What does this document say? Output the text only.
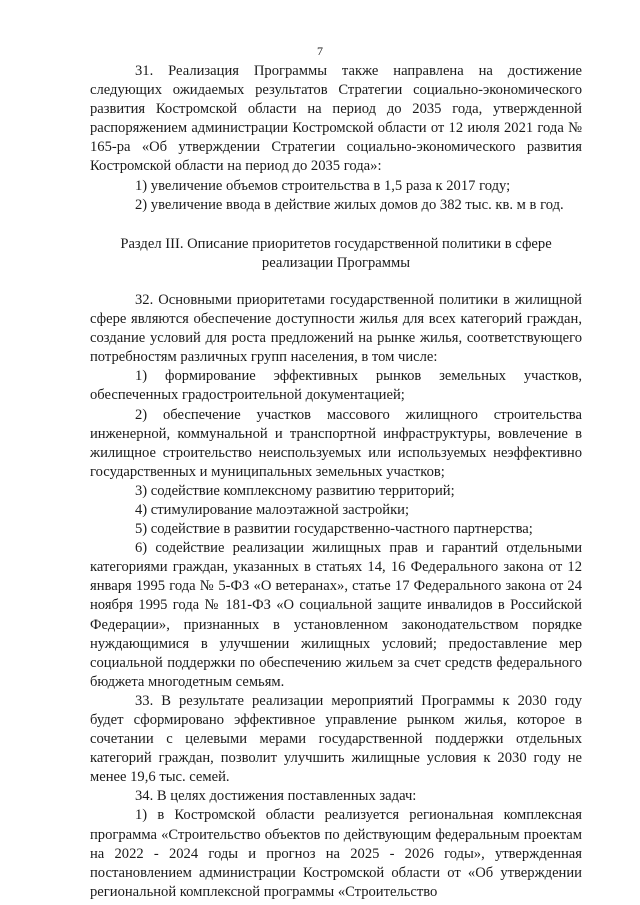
7

31. Реализация Программы также направлена на достижение следующих ожидаемых результатов Стратегии социально-экономического развития Костромской области на период до 2035 года, утвержденной распоряжением администрации Костромской области от 12 июля 2021 года № 165-ра «Об утверждении Стратегии социально-экономического развития Костромской области на период до 2035 года»:

1) увеличение объемов строительства в 1,5 раза к 2017 году;

2) увеличение ввода в действие жилых домов до 382 тыс. кв. м в год.

Раздел III. Описание приоритетов государственной политики в сфере реализации Программы

32. Основными приоритетами государственной политики в жилищной сфере являются обеспечение доступности жилья для всех категорий граждан, создание условий для роста предложений на рынке жилья, соответствующего потребностям различных групп населения, в том числе:

1) формирование эффективных рынков земельных участков, обеспеченных градостроительной документацией;

2) обеспечение участков массового жилищного строительства инженерной, коммунальной и транспортной инфраструктуры, вовлечение в жилищное строительство неиспользуемых или используемых неэффективно государственных и муниципальных земельных участков;

3) содействие комплексному развитию территорий;

4) стимулирование малоэтажной застройки;

5) содействие в развитии государственно-частного партнерства;

6) содействие реализации жилищных прав и гарантий отдельными категориями граждан, указанных в статьях 14, 16 Федерального закона от 12 января 1995 года № 5-ФЗ «О ветеранах», статье 17 Федерального закона от 24 ноября 1995 года № 181-ФЗ «О социальной защите инвалидов в Российской Федерации», признанных в установленном законодательством порядке нуждающимися в улучшении жилищных условий; предоставление мер социальной поддержки по обеспечению жильем за счет средств федерального бюджета многодетным семьям.

33. В результате реализации мероприятий Программы к 2030 году будет сформировано эффективное управление рынком жилья, которое в сочетании с целевыми мерами государственной поддержки отдельных категорий граждан, позволит улучшить жилищные условия к 2030 году не менее 19,6 тыс. семей.

34. В целях достижения поставленных задач:

1) в Костромской области реализуется региональная комплексная программа «Строительство объектов по действующим федеральным проектам на 2022 - 2024 годы и прогноз на 2025 - 2026 годы», утвержденная постановлением администрации Костромской области от «Об утверждении региональной комплексной программы «Строительство
